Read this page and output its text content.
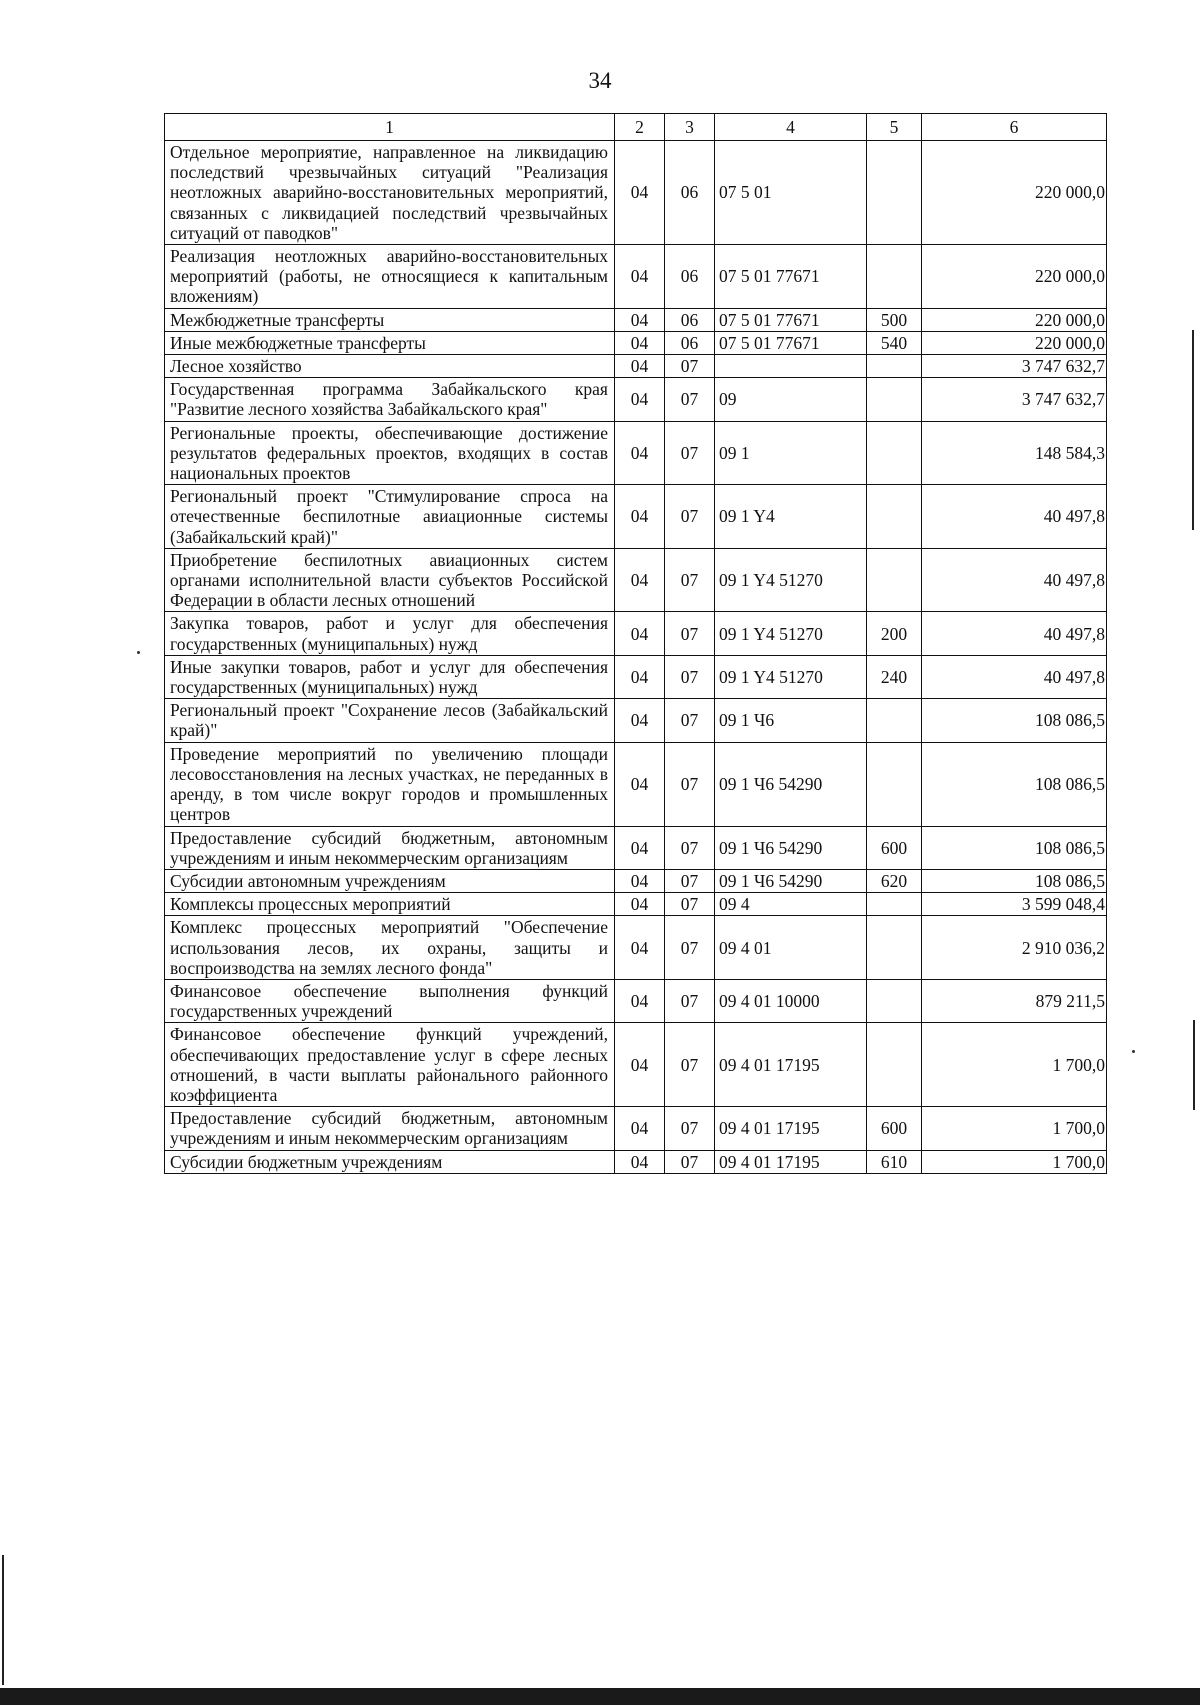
34
1	2	3	4	5	6
Отдельное мероприятие, направленное на ликвидацию последствий чрезвычайных ситуаций "Реализация неотложных аварийно-восстановительных мероприятий, связанных с ликвидацией последствий чрезвычайных ситуаций от паводков"	04	06	07 5 01		220 000,0
Реализация неотложных аварийно-восстановительных мероприятий (работы, не относящиеся к капитальным вложениям)	04	06	07 5 01 77671		220 000,0
Межбюджетные трансферты	04	06	07 5 01 77671	500	220 000,0
Иные межбюджетные трансферты	04	06	07 5 01 77671	540	220 000,0
Лесное хозяйство	04	07			3 747 632,7
Государственная программа Забайкальского края "Развитие лесного хозяйства Забайкальского края"	04	07	09		3 747 632,7
Региональные проекты, обеспечивающие достижение результатов федеральных проектов, входящих в состав национальных проектов	04	07	09 1		148 584,3
Региональный проект "Стимулирование спроса на отечественные беспилотные авиационные системы (Забайкальский край)"	04	07	09 1 Y4		40 497,8
Приобретение беспилотных авиационных систем органами исполнительной власти субъектов Российской Федерации в области лесных отношений	04	07	09 1 Y4 51270		40 497,8
Закупка товаров, работ и услуг для обеспечения государственных (муниципальных) нужд	04	07	09 1 Y4 51270	200	40 497,8
Иные закупки товаров, работ и услуг для обеспечения государственных (муниципальных) нужд	04	07	09 1 Y4 51270	240	40 497,8
Региональный проект "Сохранение лесов (Забайкальский край)"	04	07	09 1 Ч6		108 086,5
Проведение мероприятий по увеличению площади лесовосстановления на лесных участках, не переданных в аренду, в том числе вокруг городов и промышленных центров	04	07	09 1 Ч6 54290		108 086,5
Предоставление субсидий бюджетным, автономным учреждениям и иным некоммерческим организациям	04	07	09 1 Ч6 54290	600	108 086,5
Субсидии автономным учреждениям	04	07	09 1 Ч6 54290	620	108 086,5
Комплексы процессных мероприятий	04	07	09 4		3 599 048,4
Комплекс процессных мероприятий "Обеспечение использования лесов, их охраны, защиты и воспроизводства на землях лесного фонда"	04	07	09 4 01		2 910 036,2
Финансовое обеспечение выполнения функций государственных учреждений	04	07	09 4 01 10000		879 211,5
Финансовое обеспечение функций учреждений, обеспечивающих предоставление услуг в сфере лесных отношений, в части выплаты районального районного коэффициента	04	07	09 4 01 17195		1 700,0
Предоставление субсидий бюджетным, автономным учреждениям и иным некоммерческим организациям	04	07	09 4 01 17195	600	1 700,0
Субсидии бюджетным учреждениям	04	07	09 4 01 17195	610	1 700,0
